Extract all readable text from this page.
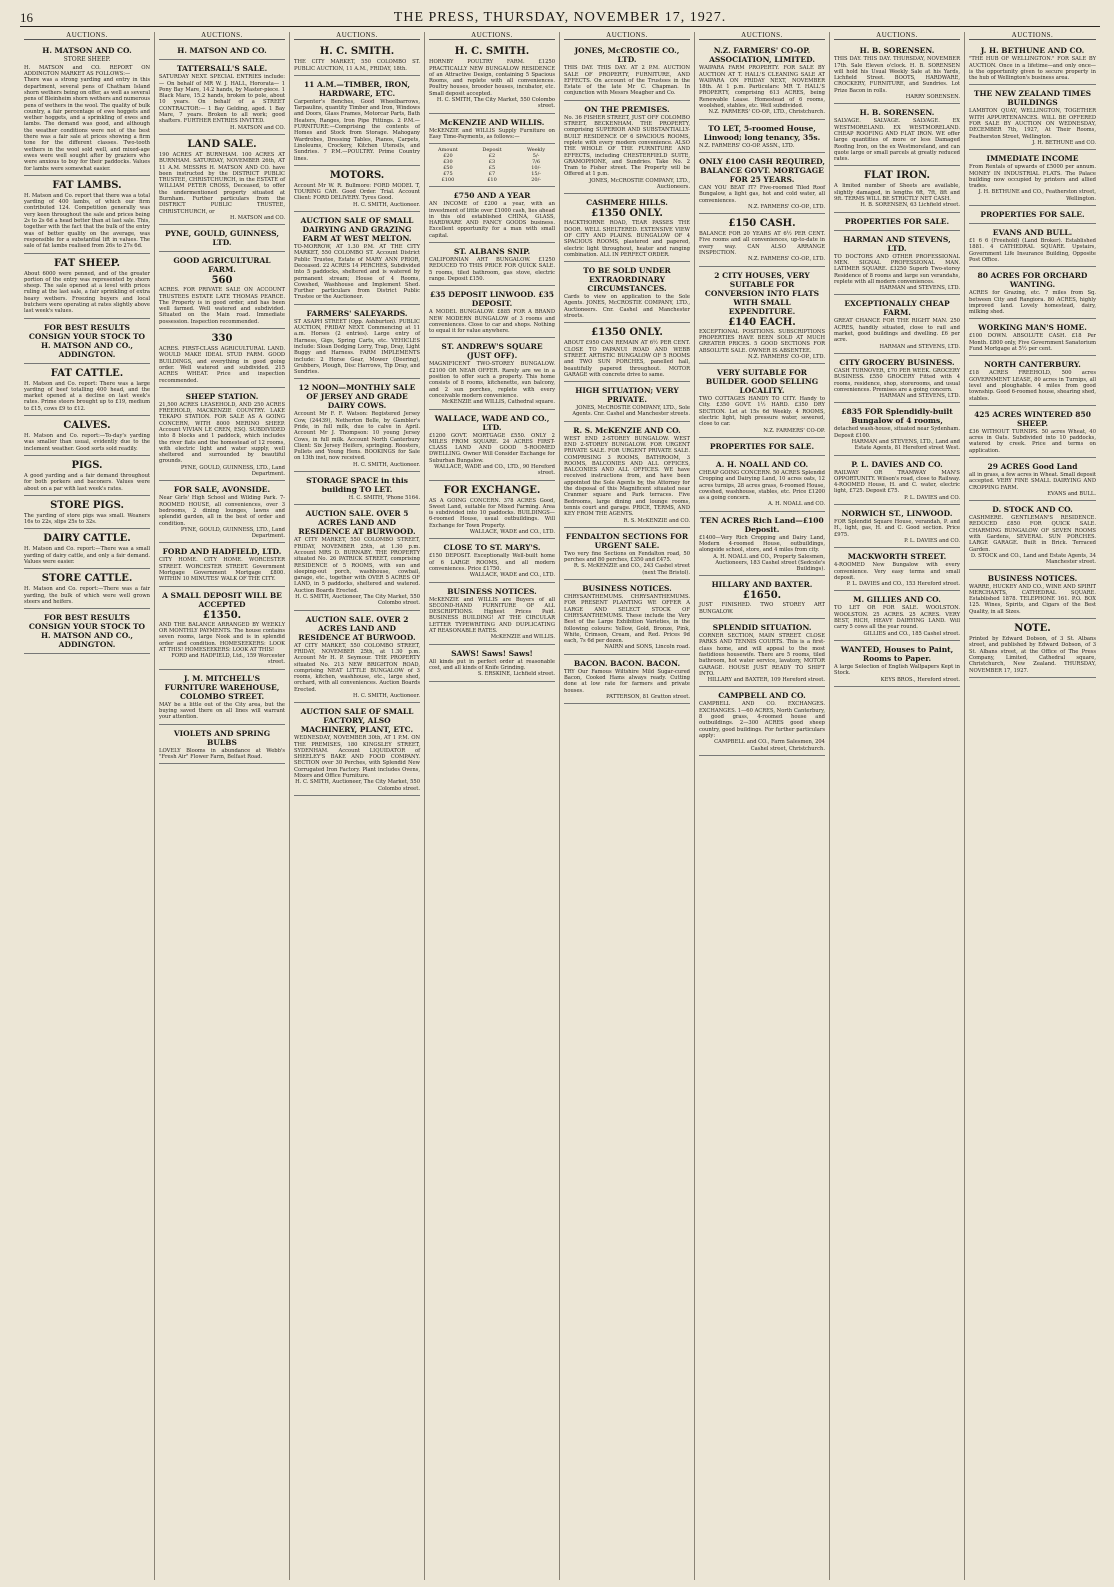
16	THE PRESS, THURSDAY, NOVEMBER 17, 1927.
AUCTIONS.
H. MATSON AND CO.
STORE SHEEP.
H. MATSON and CO. REPORT ON ADDINGTON MARKET AS FOLLOWS:—
There was a strong yarding and entry in this department, several pens of Chatham Island shorn wethers being on offer, as well as several pens of Bleinheim shorn wethers and numerous pens of wethers in the wool. The quality of bulk country, a fair percentage of ewe hoggets and wether hoggets, and a sprinkling of ewes and lambs. The demand was good, and although the weather conditions were not of the best there was a fair sale at prices showing a firm tone for the different classes. Two-tooth wethers in the wool sold well, and mixed-age ewes were well sought after by graziers who were anxious to buy for their paddocks. Values for lambs were somewhat easier.
FAT LAMBS.
H. Matson and Co. report that there was a total yarding of 400 lambs, of which our firm contributed 124. Competition generally was very keen throughout the sale and prices being 2s to 2s 6d a head better than at last sale. This, together with the fact that the bulk of the entry was of better quality on the average, was responsible for a substantial lift in values. The sale of fat lambs realised from 26s to 27s 6d.
FAT SHEEP.
About 6000 were penned, and of the greater portion of the entry was represented by shorn sheep. The sale opened at a level with prices ruling at the last sale, a fair sprinkling of extra heavy wethers. Freezing buyers and local butchers were operating at rates slightly above last week's values.
FOR BEST RESULTS CONSIGN YOUR STOCK TO H. MATSON AND CO., ADDINGTON.
FAT CATTLE.
H. Matson and Co. report: There was a large yarding of beef totalling 400 head, and the market opened at a decline on last week's rates. Prime steers brought up to £19, medium to £15, cows £9 to £12.
CALVES.
H. Matson and Co. report:—To-day's yarding was smaller than usual, evidently due to the inclement weather. Good sorts sold readily.
PIGS.
A good yarding and a fair demand throughout for both porkers and baconers. Values were about on a par with last week's rates.
STORE PIGS.
The yarding of store pigs was small. Weaners 16s to 22s, slips 25s to 32s.
DAIRY CATTLE.
H. Matson and Co. report:—There was a small yarding of dairy cattle, and only a fair demand. Values were easier.
STORE CATTLE.
H. Matson and Co. report:—There was a fair yarding, the bulk of which were well grown steers and heifers.
FOR BEST RESULTS CONSIGN YOUR STOCK TO H. MATSON AND CO., ADDINGTON.
AUCTIONS.
H. MATSON AND CO.
TATTERSALL'S SALE.
SATURDAY NEXT. SPECIAL ENTRIES include:— On behalf of MR W. J. HALL, Hororata— 1 Pony Bay Mare, 14.2 hands, by Master-piece. 1 Black Mare, 15.2 hands, broken to pole, about 10 years. On behalf of a STREET CONTRACTOR:— 1 Bay Gelding, aged. 1 Bay Mare, 7 years. Broken to all work; good shafters. FURTHER ENTRIES INVITED.
H. MATSON and CO.
LAND SALE.
190 ACRES AT BURNHAM. 100 ACRES AT BURNHAM. SATURDAY, NOVEMBER 26th, AT 11 A.M. MESSRS H. MATSON AND CO. have been instructed by the DISTRICT PUBLIC TRUSTEE, CHRISTCHURCH, in the ESTATE of WILLIAM PETER CROSS, Deceased, to offer the undermentioned property situated at Burnham. Further particulars from the DISTRICT PUBLIC TRUSTEE, CHRISTCHURCH, or
H. MATSON and CO.
PYNE, GOULD, GUINNESS, LTD.
GOOD AGRICULTURAL FARM.
560
ACRES. FOR PRIVATE SALE ON ACCOUNT TRUSTEES ESTATE LATE THOMAS PEARCE. The Property is in good order, and has been well farmed. Well watered and subdivided. Situated on the Main road. Immediate possession. Inspection recommended.
330
ACRES. FIRST-CLASS AGRICULTURAL LAND. WOULD MAKE IDEAL STUD FARM. GOOD BUILDINGS, and everything in good going order. Well watered and subdivided. 215 ACRES WHEAT. Price and inspection recommended.
SHEEP STATION.
21,500 ACRES LEASEHOLD, AND 250 ACRES FREEHOLD, MACKENZIE COUNTRY. LAKE TEKAPO STATION. FOR SALE AS A GOING CONCERN, WITH 8000 MERINO SHEEP. Account VIVIAN LE CREN, ESQ. SUBDIVIDED into 8 blocks and 1 paddock, which includes the river flats and the homestead of 12 rooms, with electric light and water supply, well sheltered and surrounded by beautiful grounds.
PYNE, GOULD, GUINNESS, LTD., Land Department.
FOR SALE, AVONSIDE.
Near Girls' High School and Wilding Park. 7-ROOMED HOUSE, all conveniences, over 3 bedrooms, 2 dining lounges, lawns and splendid garden, all in the best of order and condition.
PYNE, GOULD, GUINNESS, LTD., Land Department.
FORD AND HADFIELD, LTD.
CITY HOME. CITY HOME. WORCESTER STREET. WORCESTER STREET. Government Mortgage Government Mortgage £800. WITHIN 10 MINUTES' WALK OF THE CITY.
A SMALL DEPOSIT WILL BE ACCEPTED
£1350.
AND THE BALANCE ARRANGED BY WEEKLY OR MONTHLY PAYMENTS. The house contains seven rooms, large Nook and is in splendid order and condition. HOMESEEKERS: LOOK AT THIS! HOMESEEKERS: LOOK AT THIS!
FORD and HADFIELD, Ltd., 159 Worcester street.
J. M. MITCHELL'S FURNITURE WAREHOUSE, COLOMBO STREET.
MAY be a little out of the City area, but the buying saved there on all lines will warrant your attention.
VIOLETS AND SPRING BULBS
LOVELY Blooms in abundance at Webb's "Fresh Air" Flower Farm, Belfast Road.
AUCTIONS.
H. C. SMITH.
THE CITY MARKET, 550 COLOMBO ST. PUBLIC AUCTION, 11 A.M., FRIDAY, 18th.
11 A.M.—TIMBER, IRON, HARDWARE, ETC.
Carpenter's Benches, Good Wheelbarrows, Tarpaulins, quantity Timber and Iron, Windows and Doors, Glass Frames, Motorcar Parts, Bath Heaters, Ranges, Iron Pipe Fittings. 2 P.M.—FURNITURE:—Comprising the contents of Homes and Stock from Storage. Mahogany Wardrobes, Dressing Tables, Pianos, Carpets, Linoleums, Crockery, Kitchen Utensils, and Sundries. 7 P.M.—POULTRY. Prime Country lines.
MOTORS.
Account Mr W. R. Bullmore: FORD MODEL T, TOURING CAR. Good Order. Trial. Account Client: FORD DELIVERY. Tyres Good.
H. C. SMITH, Auctioneer.
AUCTION SALE OF SMALL DAIRYING AND GRAZING FARM AT WEST MELTON.
TO-MORROW, AT 1.30 P.M. AT THE CITY MARKET, 550 COLOMBO ST. Account District Public Trustee, Estate of MARY ANN PRIOR, Deceased. 22 ACRES 14 PERCHES, Subdivided into 5 paddocks, sheltered and is watered by permanent stream; House of 4 Rooms, Cowshed, Washhouse and Implement Shed. Further particulars from District Public Trustee or the Auctioneer.
FARMERS' SALEYARDS.
ST ASAPH STREET (Opp. Ashburton). PUBLIC AUCTION, FRIDAY NEXT. Commencing at 11 a.m. Horses (2 entries). Large entry of Harness, Gigs, Spring Carts, etc. VEHICLES include: Sloan Dodging Lorry, Trap, Dray, Light Buggy and Harness. FARM IMPLEMENTS include: 2 Horse Gear, Mower (Deering), Grubbers, Plough, Disc Harrows, Tip Dray, and Sundries.
12 NOON—MONTHLY SALE OF JERSEY AND GRADE DAIRY COWS.
Account Mr F. F. Watson: Registered Jersey Cow, (24439), Netherton Belle, by Gambler's Pride, in full milk, due to calve in April. Account Mr J. Thompson: 10 young Jersey Cows, in full milk. Account North Canterbury Client: Six Jersey Heifers, springing. Roosters, Pullets and Young Hens. BOOKINGS for Sale on 13th inst, now received.
H. C. SMITH, Auctioneer.
STORAGE SPACE in this building TO LET.
H. C. SMITH, 'Phone 5164.
AUCTION SALE. OVER 5 ACRES LAND AND RESIDENCE AT BURWOOD.
AT CITY MARKET, 550 COLOMBO STREET, FRIDAY, NOVEMBER 25th, at 1.30 p.m. Account MRS D. BURNABY. THE PROPERTY situated No. 26 PATRICK STREET, comprising RESIDENCE of 5 ROOMS, with sun and sleeping-out porch, washhouse, cowbail, garage, etc., together with OVER 5 ACRES OF LAND, in 5 paddocks, sheltered and watered. Auction Boards Erected.
H. C. SMITH, Auctioneer, The City Market, 550 Colombo street.
AUCTION SALE. OVER 2 ACRES LAND AND RESIDENCE AT BURWOOD.
AT CITY MARKET, 550 COLOMBO STREET, FRIDAY, NOVEMBER 25th, at 1.30 p.m. Account Mr H. P. Seymour. THE PROPERTY situated No. 213 NEW BRIGHTON ROAD, comprising NEAT LITTLE BUNGALOW of 3 rooms, kitchen, washhouse, etc., large shed, orchard, with all conveniences. Auction Boards Erected.
H. C. SMITH, Auctioneer.
AUCTION SALE OF SMALL FACTORY, ALSO MACHINERY, PLANT, ETC.
WEDNESDAY, NOVEMBER 30th, AT 1 P.M. ON THE PREMISES, 180 KINGSLEY STREET, SYDENHAM. Account LIQUIDATOR of SHEELEY'S BAKE AND FOOD COMPANY. SECTION over 30 Perches, with Splendid New Corrugated Iron Factory. Plant includes Ovens, Mixers and Office Furniture.
H. C. SMITH, Auctioneer, The City Market, 550 Colombo street.
AUCTIONS.
H. C. SMITH.
HORNBY POULTRY FARM. £1250 PRACTICALLY NEW BUNGALOW RESIDENCE of an Attractive Design, containing 5 Spacious Rooms, and replete with all conveniences. Poultry houses, brooder houses, incubator, etc. Small deposit accepted.
H. C. SMITH, The City Market, 550 Colombo street.
McKENZIE AND WILLIS.
McKENZIE and WILLIS Supply Furniture on Easy Time-Payments, as follows:—
Amount	Deposit	Weekly
£20	£2	5/-
£30	£3	7/6
£50	£5	10/-
£75	£7	15/-
£100	£10	20/-
£750 AND A YEAR
AN INCOME of £200 a year, with an investment of little over £1000 cash, lies ahead in this old established CHINA, GLASS, HARDWARE AND FANCY GOODS business. Excellent opportunity for a man with small capital.
ST. ALBANS SNIP.
CALIFORNIAN ART BUNGALOW. £1250 REDUCED TO THIS PRICE FOR QUICK SALE. 5 rooms, tiled bathroom, gas stove, electric range. Deposit £150.
£35 DEPOSIT LINWOOD. £35 DEPOSIT.
A MODEL BUNGALOW. £885 FOR A BRAND NEW MODERN BUNGALOW of 3 rooms and conveniences. Close to car and shops. Nothing to equal it for value anywhere.
ST. ANDREW'S SQUARE (JUST OFF).
MAGNIFICENT TWO-STOREY BUNGALOW. £2100 OR NEAR OFFER. Rarely are we in a position to offer such a property. This home consists of 8 rooms, kitchenette, sun balcony, and 2 sun porches, replete with every conceivable modern convenience.
McKENZIE and WILLIS, Cathedral square.
WALLACE, WADE AND CO., LTD.
£1200 GOVT. MORTGAGE £550. ONLY 2 MILES FROM SQUARE. 24 ACRES FIRST-CLASS LAND AND GOOD 5-ROOMED DWELLING. Owner Will Consider Exchange for Suburban Bungalow.
WALLACE, WADE and CO., LTD., 90 Hereford street.
FOR EXCHANGE.
AS A GOING CONCERN. 378 ACRES Good, Sweet Land, suitable for Mixed Farming. Area is subdivided into 10 paddocks. BUILDINGS—6-roomed House, usual outbuildings. Will Exchange for Town Property.
WALLACE, WADE and CO., LTD.
CLOSE TO ST. MARY'S.
£150 DEPOSIT. Exceptionally Well-built home of 6 LARGE ROOMS, and all modern conveniences. Price £1750.
WALLACE, WADE and CO., LTD.
BUSINESS NOTICES.
McKENZIE and WILLIS are Buyers of all SECOND-HAND FURNITURE OF ALL DESCRIPTIONS. Highest Prices Paid. BUSINESS BUILDING! AT THE CIRCULAR LETTER TYPEWRITING AND DUPLICATING AT REASONABLE RATES.
McKENZIE and WILLIS.
SAWS! Saws! Saws!
All kinds put in perfect order at reasonable cost, and all kinds of Knife Grinding.
S. ERSKINE, Lichfield street.
AUCTIONS.
JONES, McCROSTIE CO., LTD.
THIS DAY. THIS DAY. AT 2 P.M. AUCTION SALE OF PROPERTY, FURNITURE, AND EFFECTS. On account of the Trustees in the Estate of the late Mr C. Chapman. In conjunction with Messrs Meagher and Co.
ON THE PREMISES.
No. 36 FISHER STREET, JUST OFF COLOMBO STREET, BECKENHAM. THE PROPERTY, comprising SUPERIOR AND SUBSTANTIALLY-BUILT RESIDENCE OF 6 SPACIOUS ROOMS, replete with every modern convenience. ALSO THE WHOLE OF THE FURNITURE AND EFFECTS, including CHESTERFIELD SUITE, GRAMOPHONE, and Sundries. Take No. 2 Tram to Fisher street. The Property will be Offered at 1 p.m.
JONES, McCROSTIE COMPANY, LTD., Auctioneers.
CASHMERE HILLS.
£1350 ONLY.
HACKTHORNE ROAD, TEAR PASSES THE DOOR. WELL SHELTERED. EXTENSIVE VIEW OF CITY AND PLAINS. BUNGALOW OF 4 SPACIOUS ROOMS, plastered and papered, electric light throughout, heater and ranging combination. ALL IN PERFECT ORDER.
TO BE SOLD UNDER EXTRAORDINARY CIRCUMSTANCES.
Cards to view on application to the Sole Agents. JONES, McCROSTIE COMPANY, LTD., Auctioneers. Cnr. Cashel and Manchester streets.
£1350 ONLY.
ABOUT £950 CAN REMAIN AT 6½ PER CENT. CLOSE TO PAPANUI ROAD AND WEBB STREET. ARTISTIC BUNGALOW OF 5 ROOMS and TWO SUN PORCHES, panelled hall, beautifully papered throughout. MOTOR GARAGE with concrete drive to same.
HIGH SITUATION; VERY PRIVATE.
JONES, McCROSTIE COMPANY, LTD., Sole Agents. Cnr. Cashel and Manchester streets.
R. S. McKENZIE AND CO.
WEST END 2-STOREY BUNGALOW. WEST END 2-STOREY BUNGALOW. FOR URGENT PRIVATE SALE. FOR URGENT PRIVATE SALE. COMPRISING 3 ROOMS, BATHROOM, 3 ROOMS, BALCONIES AND ALL OFFICES, BALCONIES AND ALL OFFICES. WE have received instructions from, and have been appointed the Sole Agents by, the Attorney for the disposal of this Magnificent situated near Cranmer square and Park terraces. Five Bedrooms, large dining and lounge rooms, tennis court and garage. PRICE, TERMS, AND KEY FROM THE AGENTS.
R. S. McKENZIE and CO.
FENDALTON SECTIONS FOR URGENT SALE.
Two very fine Sections on Fendalton road, 50 perches and 80 perches, £350 and £475.
R. S. McKENZIE and CO., 243 Cashel street (next The Bristol).
BUSINESS NOTICES.
CHRYSANTHEMUMS. CHRYSANTHEMUMS. FOR PRESENT PLANTING WE OFFER A LARGE AND SELECT STOCK OF CHRYSANTHEMUMS. These include the Very Best of the Large Exhibition Varieties, in the following colours: Yellow, Gold, Bronze, Pink, White, Crimson, Cream, and Red. Prices 9d each, 7s 6d per dozen.
NAIRN and SONS, Lincoln road.
BACON. BACON. BACON.
TRY Our Famous Wiltshire Mild Sugar-cured Bacon, Cooked Hams always ready. Cutting done at low rate for farmers and private houses.
PATTERSON, 81 Gratton street.
AUCTIONS.
N.Z. FARMERS' CO-OP. ASSOCIATION, LIMITED.
WAIPARA FARM PROPERTY. FOR SALE BY AUCTION AT T. HALL'S CLEANING SALE AT WAIPARA ON FRIDAY NEXT, NOVEMBER 18th. At 1 p.m. Particulars: MR T. HALL'S PROPERTY, comprising 613 ACRES, being Renewable Lease. Homestead of 6 rooms, woolshed, stables, etc. Well subdivided.
N.Z. FARMERS' CO-OP., LTD., Christchurch.
TO LET, 5-roomed House, Linwood; long tenancy, 35s.
N.Z. FARMERS' CO-OP. ASSN., LTD.
ONLY £100 CASH REQUIRED, BALANCE GOVT. MORTGAGE FOR 25 YEARS.
CAN YOU BEAT IT? Five-roomed Tiled Roof Bungalow, a light gas, hot and cold water, all conveniences.
N.Z. FARMERS' CO-OP., LTD.
£150 CASH.
BALANCE FOR 20 YEARS AT 6½ PER CENT. Five rooms and all conveniences, up-to-date in every way. CAN ALSO ARRANGE INSPECTION.
N.Z. FARMERS' CO-OP., LTD.
2 CITY HOUSES, VERY SUITABLE FOR CONVERSION INTO FLATS WITH SMALL EXPENDITURE.
£140 EACH.
EXCEPTIONAL POSITIONS. SUBSCRIPTIONS PROPERTIES HAVE BEEN SOLD AT MUCH GREATER PRICES. 5 GOOD SECTIONS FOR ABSOLUTE SALE. OWNER IS ABSENTEE.
N.Z. FARMERS' CO-OP., LTD.
VERY SUITABLE FOR BUILDER. GOOD SELLING LOCALITY.
TWO COTTAGES HANDY TO CITY. Handy to City. £350 GOVT. 1½ HARD. £350 DRY SECTION. Let at 15s 6d Weekly. 4 ROOMS, electric light, high pressure water, sewered, close to car.
N.Z. FARMERS' CO-OP.
PROPERTIES FOR SALE.
A. H. NOALL AND CO.
CHEAP GOING CONCERN. 50 ACRES Splendid Cropping and Dairying Land, 10 acres oats, 12 acres turnips, 28 acres grass, 6-roomed House, cowshed, washhouse, stables, etc. Price £1200 as a going concern.
A. H. NOALL and CO.
TEN ACRES Rich Land—£100 Deposit.
£1400—Very Rich Cropping and Dairy Land, Modern 4-roomed House, outbuildings, alongside school, store, and 4 miles from city.
A. H. NOALL and CO., Property Salesmen, Auctioneers, 183 Cashel street (Sedcole's Buildings).
HILLARY AND BAXTER.
£1650.
JUST FINISHED. TWO STOREY ART BUNGALOW.
SPLENDID SITUATION.
CORNER SECTION, MAIN STREET. CLOSE PARKS AND TENNIS COURTS. This is a first-class home, and will appeal to the most fastidious housewife. There are 5 rooms, tiled bathroom, hot water service, lavatory, MOTOR GARAGE. HOUSE JUST READY TO SHIFT INTO.
HILLARY and BAXTER, 109 Hereford street.
CAMPBELL AND CO.
CAMPBELL AND CO. EXCHANGES. EXCHANGES. 1—60 ACRES, North Canterbury, 8 good grass, 4-roomed house and outbuildings. 2—300 ACRES good sheep country, good buildings. For further particulars apply:
CAMPBELL and CO., Farm Salesmen, 204 Cashel street, Christchurch.
AUCTIONS.
H. B. SORENSEN.
THIS DAY. THIS DAY. THURSDAY, NOVEMBER 17th. Sale Eleven o'clock. H. B. SORENSEN will hold his Usual Weekly Sale at his Yards, Lichfield Street. BOOTS, HARDWARE, CROCKERY, FURNITURE, and Sundries. Lot Prize Bacon in rolls.
HARRY SORENSEN.
H. B. SORENSEN.
SALVAGE. SALVAGE. SALVAGE. EX WESTMORELAND. EX WESTMORELAND. CHEAP ROOFING AND FLAT IRON. WE offer large quantities of more or less Damaged Roofing Iron, on the ex Westmoreland, and can quote large or small parcels at greatly reduced rates.
FLAT IRON.
A limited number of Sheets are available, slightly damaged, in lengths 6ft, 7ft, 8ft and 9ft. TERMS WILL BE STRICTLY NET CASH.
H. B. SORENSEN, 63 Lichfield street.
PROPERTIES FOR SALE.
HARMAN AND STEVENS, LTD.
TO DOCTORS AND OTHER PROFESSIONAL MEN. SIGNAL PROFESSIONAL MAN. LATIMER SQUARE. £3250 Superb Two-storey Residence of 8 rooms and large sun verandahs, replete with all modern conveniences.
HARMAN and STEVENS, LTD.
EXCEPTIONALLY CHEAP FARM.
GREAT CHANCE FOR THE RIGHT MAN. 250 ACRES, handily situated, close to rail and market, good buildings and dwelling. £6 per acre.
HARMAN and STEVENS, LTD.
CITY GROCERY BUSINESS.
CASH TURNOVER, £70 PER WEEK. GROCERY BUSINESS. £550 GROCERY Fitted with 4 rooms, residence, shop, storerooms, and usual conveniences. Premises are a going concern.
HARMAN and STEVENS, LTD.
£835 FOR Splendidly-built Bungalow of 4 rooms,
detached wash-house, situated near Sydenham. Deposit £100.
HARMAN and STEVENS, LTD., Land and Estate Agents, 81 Hereford street West.
P. L. DAVIES AND CO.
RAILWAY OR TRAMWAY MAN'S OPPORTUNITY. Wilson's road, close to Railway. 4-ROOMED House, H. and C. water, electric light, £725. Deposit £75.
P. L. DAVIES and CO.
NORWICH ST., LINWOOD.
FOR Splendid Square House, verandah, P. and H., light, gas, H. and C. Good section. Price £975.
P. L. DAVIES and CO.
MACKWORTH STREET.
4-ROOMED New Bungalow with every convenience. Very easy terms and small deposit.
P. L. DAVIES and CO., 153 Hereford street.
M. GILLIES AND CO.
TO LET OR FOR SALE. WOOLSTON. WOOLSTON. 25 ACRES. 25 ACRES. VERY BEST, RICH, HEAVY DAIRYING LAND. Will carry 5 cows all the year round.
GILLIES and CO., 185 Cashel street.
WANTED, Houses to Paint, Rooms to Paper.
A large Selection of English Wallpapers Kept in Stock.
KEYS BROS., Hereford street.
AUCTIONS.
J. H. BETHUNE AND CO.
"THE HUB OF WELLINGTON." FOR SALE BY AUCTION. Once in a lifetime—and only once—is the opportunity given to secure property in the hub of Wellington's business area.
THE NEW ZEALAND TIMES BUILDINGS
LAMBTON QUAY, WELLINGTON, TOGETHER WITH APPURTENANCES. WILL BE OFFERED FOR SALE BY AUCTION ON WEDNESDAY, DECEMBER 7th, 1927, At Their Rooms, Featherston Street, Wellington.
J. H. BETHUNE and CO.
IMMEDIATE INCOME
From Rentals of upwards of £5000 per annum. MONEY IN INDUSTRIAL FLATS. The Palace building now occupied by printers and allied trades.
J. H. BETHUNE and CO., Featherston street, Wellington.
PROPERTIES FOR SALE.
EVANS AND BULL.
£1 6 6 (Freehold) (Land Broker). Established 1881. 4 CATHEDRAL SQUARE. Upstairs, Government Life Insurance Building, Opposite Post Office.
80 ACRES FOR ORCHARD WANTING.
ACRES for Grazing, etc. 7 miles from Sq. between City and Rangiora. 80 ACRES, highly improved land. Lovely homestead, dairy, milking shed.
WORKING MAN'S HOME.
£100 DOWN. ABSOLUTE CASH. £18 Per Month. £800 only, Five Government Sanatorium Fund Mortgage at 5½ per cent.
NORTH CANTERBURY.
£18 ACRES FREEHOLD, 500 acres GOVERNMENT LEASE, 80 acres in Turnips, all level and ploughable. 4 miles from good township. Good 6-roomed house, shearing shed, stables.
425 ACRES WINTERED 850 SHEEP.
£36 WITHOUT TURNIPS. 50 acres Wheat, 40 acres in Oats. Subdivided into 10 paddocks, watered by creek. Price and terms on application.
29 ACRES Good Land
all in grass, a few acres in Wheat. Small deposit accepted. VERY FINE SMALL DAIRYING AND CROPPING FARM.
EVANS and BULL.
D. STOCK AND CO.
CASHMERE. GENTLEMAN'S RESIDENCE. REDUCED £850 FOR QUICK SALE. CHARMING BUNGALOW OF SEVEN ROOMS with Gardens, SEVERAL SUN PORCHES. LARGE GARAGE. Built in Brick. Terraced Garden.
D. STOCK and CO., Land and Estate Agents, 34 Manchester street.
BUSINESS NOTICES.
WARRE, HUCKEY AND CO., WINE AND SPIRIT MERCHANTS, CATHEDRAL SQUARE. Established 1878. TELEPHONE 161. P.O. BOX 125. Wines, Spirits, and Cigars of the Best Quality, in all Sizes.
NOTE.
Printed by Edward Dobson, of 3 St. Albans street, and published by Edward Dobson, of 3 St. Albans street, at the Office of The Press Company, Limited, Cathedral square, Christchurch, New Zealand. THURSDAY, NOVEMBER 17, 1927.
